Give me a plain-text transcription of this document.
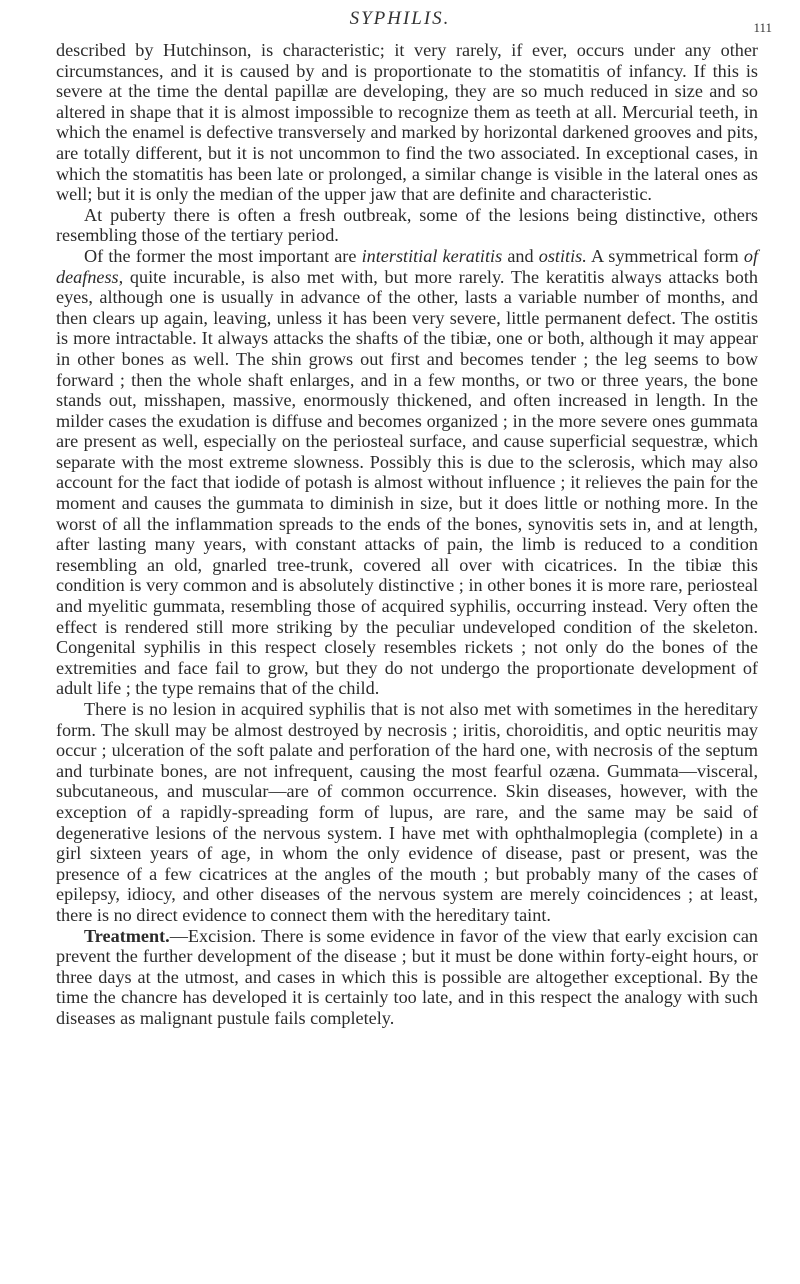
SYPHILIS.	111

described by Hutchinson, is characteristic; it very rarely, if ever, occurs under any other circumstances, and it is caused by and is proportionate to the stomatitis of infancy. If this is severe at the time the dental papillæ are developing, they are so much reduced in size and so altered in shape that it is almost impossible to recognize them as teeth at all. Mercurial teeth, in which the enamel is defective transversely and marked by horizontal darkened grooves and pits, are totally different, but it is not uncommon to find the two associated. In exceptional cases, in which the stomatitis has been late or prolonged, a similar change is visible in the lateral ones as well; but it is only the median of the upper jaw that are definite and characteristic.

At puberty there is often a fresh outbreak, some of the lesions being distinctive, others resembling those of the tertiary period.

Of the former the most important are interstitial keratitis and ostitis. A symmetrical form of deafness, quite incurable, is also met with, but more rarely. The keratitis always attacks both eyes, although one is usually in advance of the other, lasts a variable number of months, and then clears up again, leaving, unless it has been very severe, little permanent defect. The ostitis is more intractable. It always attacks the shafts of the tibiæ, one or both, although it may appear in other bones as well. The shin grows out first and becomes tender ; the leg seems to bow forward ; then the whole shaft enlarges, and in a few months, or two or three years, the bone stands out, misshapen, massive, enormously thickened, and often increased in length. In the milder cases the exudation is diffuse and becomes organized ; in the more severe ones gummata are present as well, especially on the periosteal surface, and cause superficial sequestræ, which separate with the most extreme slowness. Possibly this is due to the sclerosis, which may also account for the fact that iodide of potash is almost without influence ; it relieves the pain for the moment and causes the gummata to diminish in size, but it does little or nothing more. In the worst of all the inflammation spreads to the ends of the bones, synovitis sets in, and at length, after lasting many years, with constant attacks of pain, the limb is reduced to a condition resembling an old, gnarled tree-trunk, covered all over with cicatrices. In the tibiæ this condition is very common and is absolutely distinctive ; in other bones it is more rare, periosteal and myelitic gummata, resembling those of acquired syphilis, occurring instead. Very often the effect is rendered still more striking by the peculiar undeveloped condition of the skeleton. Congenital syphilis in this respect closely resembles rickets ; not only do the bones of the extremities and face fail to grow, but they do not undergo the proportionate development of adult life ; the type remains that of the child.

There is no lesion in acquired syphilis that is not also met with sometimes in the hereditary form. The skull may be almost destroyed by necrosis ; iritis, choroiditis, and optic neuritis may occur ; ulceration of the soft palate and perforation of the hard one, with necrosis of the septum and turbinate bones, are not infrequent, causing the most fearful ozæna. Gummata—visceral, subcutaneous, and muscular—are of common occurrence. Skin diseases, however, with the exception of a rapidly-spreading form of lupus, are rare, and the same may be said of degenerative lesions of the nervous system. I have met with ophthalmoplegia (complete) in a girl sixteen years of age, in whom the only evidence of disease, past or present, was the presence of a few cicatrices at the angles of the mouth ; but probably many of the cases of epilepsy, idiocy, and other diseases of the nervous system are merely coincidences ; at least, there is no direct evidence to connect them with the hereditary taint.

Treatment.—Excision. There is some evidence in favor of the view that early excision can prevent the further development of the disease ; but it must be done within forty-eight hours, or three days at the utmost, and cases in which this is possible are altogether exceptional. By the time the chancre has developed it is certainly too late, and in this respect the analogy with such diseases as malignant pustule fails completely.
